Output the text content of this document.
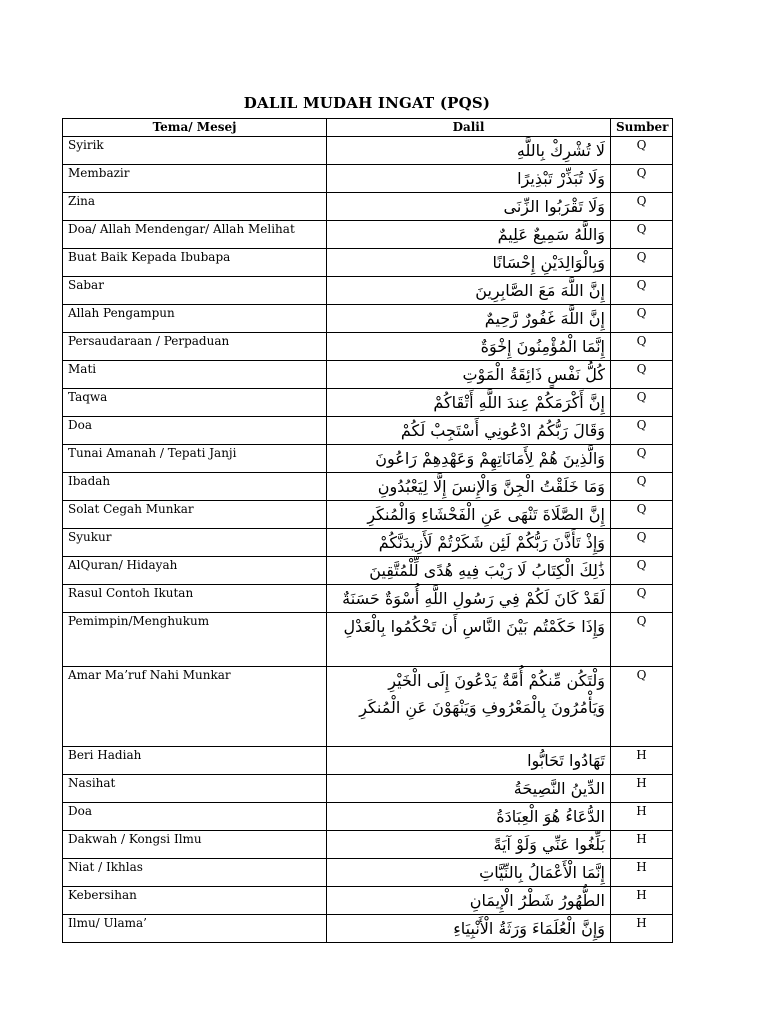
DALIL MUDAH INGAT (PQS)
Tema/ Mesej	Dalil	Sumber
Syirik	لَا تُشْرِكْ بِاللَّهِ	Q
Membazir	وَلَا تُبَذِّرْ تَبْذِيرًا	Q
Zina	وَلَا تَقْرَبُوا الزِّنَى	Q
Doa/ Allah Mendengar/ Allah Melihat	وَاللَّهُ سَمِيعٌ عَلِيمٌ	Q
Buat Baik Kepada Ibubapa	وَبِالْوَالِدَيْنِ إِحْسَانًا	Q
Sabar	إِنَّ اللَّهَ مَعَ الصَّابِرِينَ	Q
Allah Pengampun	إِنَّ اللَّهَ غَفُورٌ رَّحِيمٌ	Q
Persaudaraan / Perpaduan	إِنَّمَا الْمُؤْمِنُونَ إِخْوَةٌ	Q
Mati	كُلُّ نَفْسٍ ذَائِقَةُ الْمَوْتِ	Q
Taqwa	إِنَّ أَكْرَمَكُمْ عِندَ اللَّهِ أَتْقَاكُمْ	Q
Doa	وَقَالَ رَبُّكُمُ ادْعُونِي أَسْتَجِبْ لَكُمْ	Q
Tunai Amanah / Tepati Janji	وَالَّذِينَ هُمْ لِأَمَانَاتِهِمْ وَعَهْدِهِمْ رَاعُونَ	Q
Ibadah	وَمَا خَلَقْتُ الْجِنَّ وَالْإِنسَ إِلَّا لِيَعْبُدُونِ	Q
Solat Cegah Munkar	إِنَّ الصَّلَاةَ تَنْهَى عَنِ الْفَحْشَاءِ وَالْمُنكَرِ	Q
Syukur	وَإِذْ تَأَذَّنَ رَبُّكُمْ لَئِن شَكَرْتُمْ لَأَزِيدَنَّكُمْ	Q
AlQuran/ Hidayah	ذَٰلِكَ الْكِتَابُ لَا رَيْبَ فِيهِ هُدًى لِّلْمُتَّقِينَ	Q
Rasul Contoh Ikutan	لَقَدْ كَانَ لَكُمْ فِي رَسُولِ اللَّهِ أُسْوَةٌ حَسَنَةٌ	Q
Pemimpin/Menghukum	وَإِذَا حَكَمْتُم بَيْنَ النَّاسِ أَن تَحْكُمُوا بِالْعَدْلِ	Q
Amar Ma’ruf Nahi Munkar	وَلْتَكُن مِّنكُمْ أُمَّةٌ يَدْعُونَ إِلَى الْخَيْرِ وَيَأْمُرُونَ بِالْمَعْرُوفِ وَيَنْهَوْنَ عَنِ الْمُنكَرِ	Q
Beri Hadiah	تَهَادُوا تَحَابُّوا	H
Nasihat	الدِّينُ النَّصِيحَةُ	H
Doa	الدُّعَاءُ هُوَ الْعِبَادَةُ	H
Dakwah / Kongsi Ilmu	بَلِّغُوا عَنِّي وَلَوْ آيَةً	H
Niat / Ikhlas	إِنَّمَا الْأَعْمَالُ بِالنِّيَّاتِ	H
Kebersihan	الطُّهُورُ شَطْرُ الْإِيمَانِ	H
Ilmu/ Ulama’	وَإِنَّ الْعُلَمَاءَ وَرَثَةُ الْأَنْبِيَاءِ	H
